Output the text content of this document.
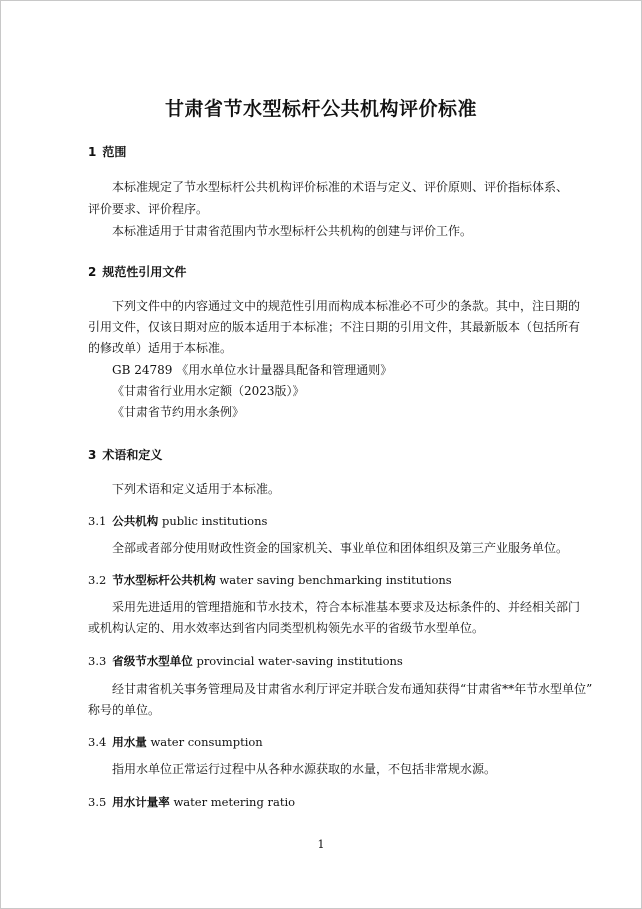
甘肃省节水型标杆公共机构评价标准
1 范围
本标准规定了节水型标杆公共机构评价标准的术语与定义、评价原则、评价指标体系、
评价要求、评价程序。
本标准适用于甘肃省范围内节水型标杆公共机构的创建与评价工作。
2 规范性引用文件
下列文件中的内容通过文中的规范性引用而构成本标准必不可少的条款。其中，注日期的
引用文件，仅该日期对应的版本适用于本标准；不注日期的引用文件，其最新版本（包括所有
的修改单）适用于本标准。
GB 24789 《用水单位水计量器具配备和管理通则》
《甘肃省行业用水定额（2023版）》
《甘肃省节约用水条例》
3 术语和定义
下列术语和定义适用于本标准。
3.1 公共机构 public institutions
全部或者部分使用财政性资金的国家机关、事业单位和团体组织及第三产业服务单位。
3.2 节水型标杆公共机构 water saving benchmarking institutions
采用先进适用的管理措施和节水技术，符合本标准基本要求及达标条件的、并经相关部门
或机构认定的、用水效率达到省内同类型机构领先水平的省级节水型单位。
3.3 省级节水型单位 provincial water-saving institutions
经甘肃省机关事务管理局及甘肃省水利厅评定并联合发布通知获得“甘肃省**年节水型单位”
称号的单位。
3.4 用水量 water consumption
指用水单位正常运行过程中从各种水源获取的水量，不包括非常规水源。
3.5 用水计量率 water metering ratio
1
